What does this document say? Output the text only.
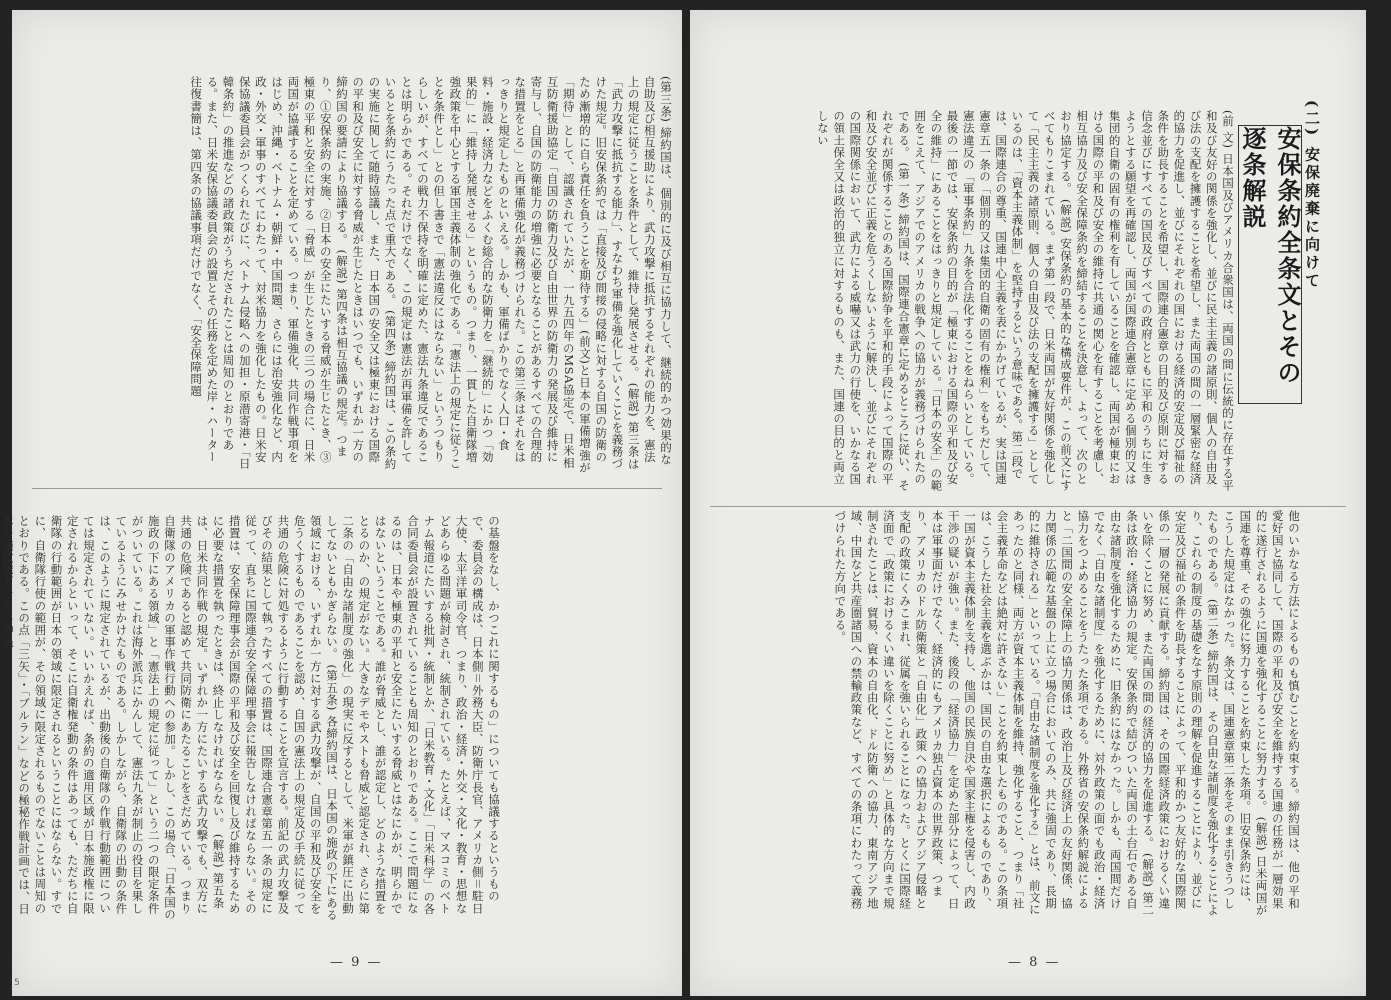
(第三条) 締約国は、個別的に及び相互に協力して、継続的かつ効果的な自助及び相互援助により、武力攻撃に抵抗するそれぞれの能力を、憲法上の規定に従うことを条件として、維持し発展させる。 (解説) 第三条は「武力攻撃に抵抗する能力」、すなわち軍備を強化していくことを義務づけた規定。旧安保条約では「直接及び間接の侵略に対する自国の防衛のため漸増的に自ら責任を負うことを期待する」(前文)と日本の軍備増強が「期待」として、認識されていたが、一九五四年のMSA協定で、日米相互防衛援助協定「自国の防衛力及び自由世界の防衛力の発展及び維持に寄与し、自国の防衛能力の増強に必要となることがあるすべての合理的な措置をとる」と再軍備強化が義務づけられた。この第三条はそれをはっきりと規定したものといえる。しかも、軍備ばかりでなく人口・食料・施設・経済力などをふくむ総合的な防衛力を「継続的」にかつ「効果的」に「維持し発展させる」というもの。つまり、一貫した自衛隊増強政策を中心とする軍国主義体制の強化である。「憲法上の規定に従うことを条件とし」との但し書きで「憲法違反にはならない」というつもりらしいが、すべての戦力不保持を明確に定めた、憲法九条違反であることは明らかである。それだけでなく、この規定は憲法が再軍備を許しているとを条約にうたった点で重大である。 (第四条) 締約国は、この条約の実施に関して随時協議し、また、日本国の安全又は極東における国際の平和及び安全に対する脅威が生じたときはいつでも、いずれか一方の締約国の要請により協議する。 (解説) 第四条は相互協議の規定。つまり、①安保条約の実施、②日本の安全にたいする脅威が生じたとき、③極東の平和と安全に対する「脅威」が生じたときの三つの場合に、日米両国が協議することを定めている。つまり、軍備強化、共同作戦事項をはじめ、沖縄・ベトナム・朝鮮・中国問題、さらには治安強化など、内政・外交・軍事のすべてにわたって、対米協力を強化したもの。日米安保協議委員会がつくられたびに、ベトナム侵略への加担・原潜寄港・「日韓条約」の推進などの諸政策がうちだされたことは周知のとおりである。また、日米安保協議委員会の設置とその任務を定めた岸・ハーター往復書簡は、第四条の協議事項だけでなく、「安全保障問題
の基盤をなし、かつこれに関するもの」についても協議するというもので、委員会の構成は、日本側＝外務大臣、防衛庁長官、アメリカ側＝駐日大使、太平洋軍司令官、つまり、政治・経済・外交・文化・教育・思想などあらゆる問題が検討され、統制されている。たとえば、マスコミのベトナム報道にたいする批判・統制とか、「日米教育・文化」「日米科学」の各合同委員会が設置されていることも周知のとおりである。ここで問題になるのは、日本や極東の平和と安全にたいする脅威とはなにかが、明らかではないということである。誰が脅威とし、誰が認定し、どのような措置をとるのか、の規定がない。大きなデモやストも脅威と認定され、さらに第二条の「自由な諸制度の強化」の現実に反するとして、米軍が鎮圧に出動してないともかぎらない。 (第五条) 各締約国は、日本国の施政の下にある領域における、いずれか一方に対する武力攻撃が、自国の平和及び安全を危うくするものであることを認め、自国の憲法上の規定及び手続に従って共通の危険に対処するように行動することを宣言する。前記の武力攻撃及びその結果として執ったすべての措置は、国際連合憲章第五一条の規定に従って、直ちに国際連合安全保障理事会に報告しなければならない。その措置は、安全保障理事会が国際の平和及び安全を回復し及び維持するために必要な措置を執ったときは、終止しなければならない。 (解説) 第五条は、日米共同作戦の規定。いずれか一方にたいする武力攻撃でも、双方に共通の危険であると認めて共同防衛にあたることをさだめている。つまり自衛隊のアメリカの軍事作戦行動への参加。しかし、この場合、「日本国の施政の下にある領域」と「憲法上の規定に従って」という二つの限定条件がついている。これは海外派兵にかんして、憲法九条が制止の役目を果しているようにみせかけたものである。しかしながら、自衛隊の出動の条件は、このように規定されているが、出動後の自衛隊の作戦行動範囲については規定されていない。いいかえれば、条約の適用区域が日本施政権に限定されるからといって、そこに自衛権発動の条件はあっても、ただちに自衛隊の行動範囲が日本の領域に限定されるということにはならない。すでに、自衛隊行使の範囲が、その領域に限定されるものでないことは周知のとおりである。この点「三矢」・「ブルラン」などの極秘作戦計画では、日本の施政権下でない沖縄
— 9 —
5
(二) 安保廃棄に向けて
安保条約全条文とその逐条解説
(前 文) 日本国及びアメリカ合衆国は、両国の間に伝統的に存在する平和及び友好の関係を強化し、並びに民主主義の諸原則、個人の自由及び法の支配を擁護することを希望し、また両国の間の一層緊密な経済的協力を促進し、並びにそれぞれの国における経済的安定及び福祉の条件を助長することを希望し、国際連合憲章の目的及び原則に対する信念並びにすべての国民及びすべての政府とともに平和のうちに生きようとする願望を再確認し、両国が国際連合憲章に定める個別的又は集団的自衛の固有の権利を有していることを確認し、両国が極東における国際の平和及び安全の維持に共通の関心を有することを考慮し、相互協力及び安全保障条約を締結することを決意し、よって、次のとおり協定する。 (解説) 安保条約の基本的な構成要件が、この前文にすべてもりこまれている。まず第一段で、日米両国が友好関係を強化して「民主主義の諸原則、個人の自由及び法の支配を擁護する」としているのは、「資本主義体制」を堅持するという意味である。第二段では、国際連合の尊重、国連中心主義を表にかかげているが、実は国連憲章五一条の「個別的又は集団的自衛の固有の権利」をもちだして、憲法違反の「軍事条約」九条を合法化することをねらいとしている。最後の一節では、安保条約の目的が「極東における国際の平和及び安全の維持」にあることをはっきりと規定している。「日本の安全」の範囲をこえて、アジアでのアメリカの戦争への協力が義務づけられたのである。 (第一条) 締約国は、国際連合憲章に定めるところに従い、それぞれが関係することのある国際紛争を平和的手段によって国際の平和及び安全並びに正義を危うくしないように解決し、並びにそれぞれの国際関係において、武力による威嚇又は武力の行使を、いかなる国の領土保全又は政治的独立に対するものも、また、国連の目的と両立しない
他のいかなる方法によるものも慎むことを約束する。締約国は、他の平和愛好国と協同して、国際の平和及び安全を維持する国連の任務が一層効果的に遂行されるように国連を強化することに努力する。 (解説) 日米両国が国連を尊重、その強化に努力することを約束した条項。旧安保条約には、こうした規定はなかった。条文は、国連憲章第二条をそのまま引きうつしたものである。 (第二条) 締約国は、その自由な諸制度を強化することにより、これらの制度の基礎をなす原則の理解を促進することにより、並びに安定及び福祉の条件を助長することによって、平和的かつ友好的な国際関係の一層の発展に貢献する。締約国は、その国際経済政策におけるくい違いを除くことに努め、また両国の間の経済的協力を促進する。 (解説) 第二条は政治・経済協力の規定。安保条約で結びついた両国の土台石である自由な諸制度を強化するために、旧条約にはなかった。しかも、両国間だけでなく「自由な諸制度」を強化するために、対外政策の面でも政治・経済協力をつよめることをうたった条項である。外務省の安保条約解説によると「二国間の安全保障上の協力関係は、政治上及び経済上の友好関係、協力関係の広範な基盤の上に立つ場合においてのみ、共に強固であり、長期的に維持される」といっている。「自由な諸制度を強化する」とは、前文にあったのと同様、両方が資本主義体制を維持、強化すること、つまり「社会主義革命などは絶対に許さない」ことを約束したものである。この条項は、こうした社会主義を選ぶかは、国民の自由な選択によるものであり、一国が資本主義体制を支持し、他国の民族自決や国家主権を侵害し、内政干渉の疑いが強い。また、後段の「経済協力」を定めた部分によって、日本は軍事面だけでなく、経済的にもアメリカ独占資本の世界政策、つまり、アメリカのドル防衛策と「自由化」政策への協力およびアジア侵略と支配の政策にくみこまれ、従属を強いられることになった。とくに国際経済面で「政策におけるくい違いを除くことに努め」と具体的な方向まで規制されたことは、貿易、資本の自由化、ドル防衛への協力、東南アジア地域、中国など共産圏諸国への禁輸政策など、すべての条項にわたって義務づけられた方向である。
— 8 —
